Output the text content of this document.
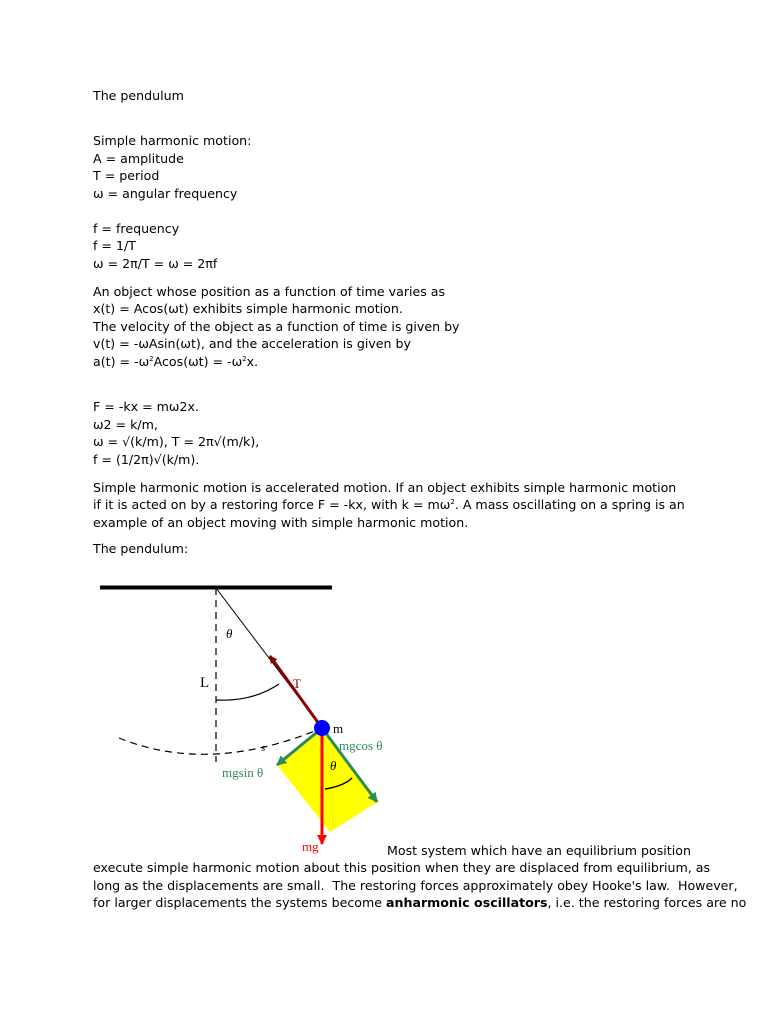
The pendulum
Simple harmonic motion:
A = amplitude
T = period
ω = angular frequency
f = frequency
f = 1/T
ω = 2π/T = ω = 2πf
An object whose position as a function of time varies as
x(t) = Acos(ωt) exhibits simple harmonic motion.
The velocity of the object as a function of time is given by
v(t) = -ωAsin(ωt), and the acceleration is given by
$a(t) = -\omega^2Acos(\omega t) = -\omega^2x$.
F = -kx = mω2x.
ω2 = k/m,
ω = √(k/m), T = 2π√(m/k),
f = (1/2π)√(k/m).
Simple harmonic motion is accelerated motion. If an object exhibits simple harmonic motion if it is acted on by a restoring force F = -kx, with $k = m\omega^2$. A mass oscillating on a spring is an example of an object moving with simple harmonic motion.
The pendulum:
θ
L	T
m
s	mgcos θ
mgsin θ	θ
mg	Most system which have an equilibrium position
execute simple harmonic motion about this position when they are displaced from equilibrium, as
long as the displacements are small.  The restoring forces approximately obey Hooke's law.  However,
for larger displacements the systems become anharmonic oscillators, i.e. the restoring forces are no
